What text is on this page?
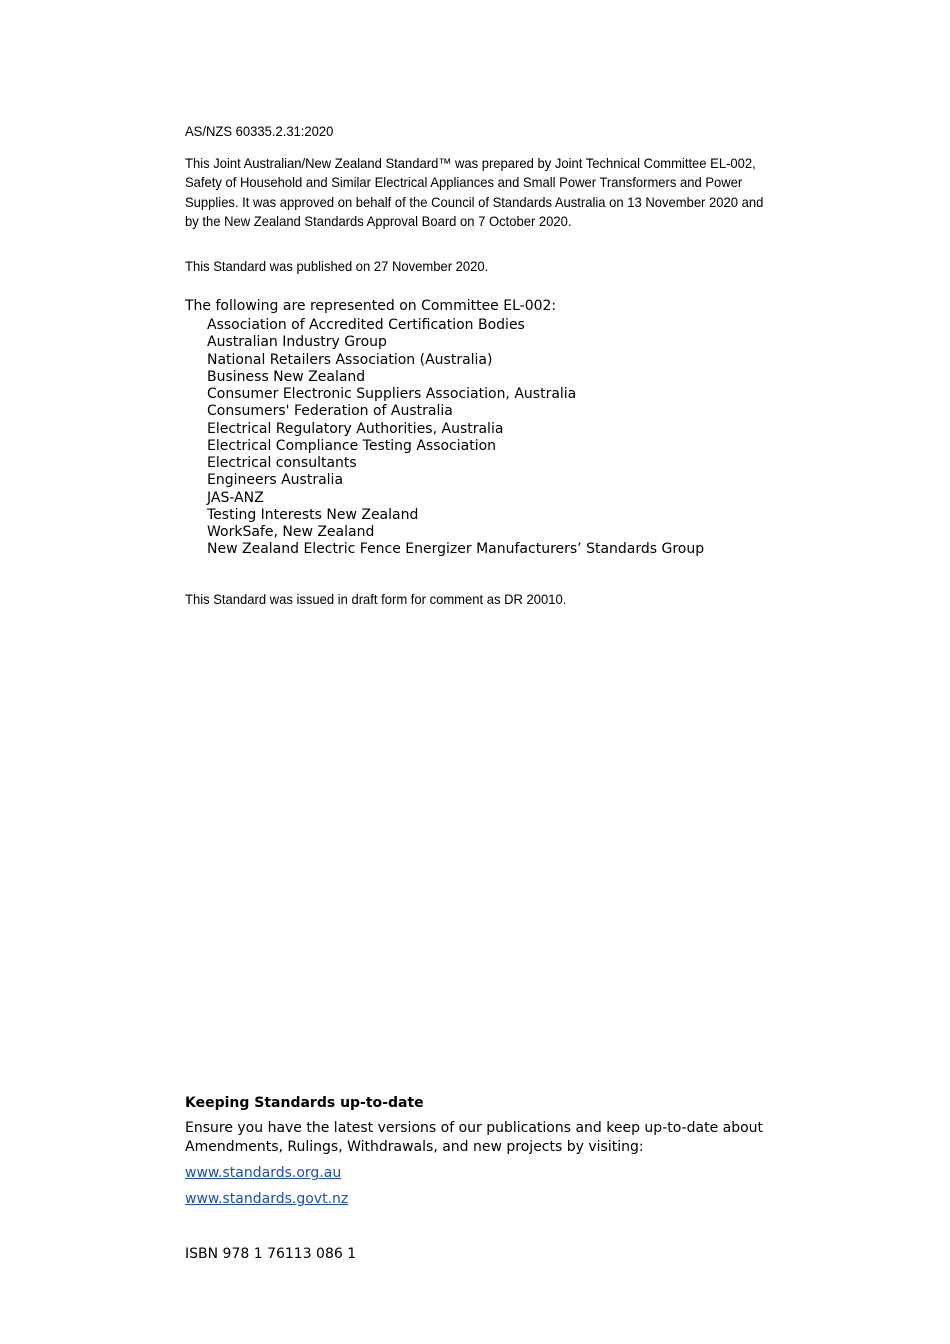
AS/NZS 60335.2.31:2020
This Joint Australian/New Zealand Standard™ was prepared by Joint Technical Committee EL-002, Safety of Household and Similar Electrical Appliances and Small Power Transformers and Power Supplies. It was approved on behalf of the Council of Standards Australia on 13 November 2020 and by the New Zealand Standards Approval Board on 7 October 2020.
This Standard was published on 27 November 2020.
The following are represented on Committee EL-002:
Association of Accredited Certification Bodies
Australian Industry Group
National Retailers Association (Australia)
Business New Zealand
Consumer Electronic Suppliers Association, Australia
Consumers' Federation of Australia
Electrical Regulatory Authorities, Australia
Electrical Compliance Testing Association
Electrical consultants
Engineers Australia
JAS-ANZ
Testing Interests New Zealand
WorkSafe, New Zealand
New Zealand Electric Fence Energizer Manufacturers’ Standards Group
This Standard was issued in draft form for comment as DR 20010.
Keeping Standards up-to-date
Ensure you have the latest versions of our publications and keep up-to-date about Amendments, Rulings, Withdrawals, and new projects by visiting:
www.standards.org.au
www.standards.govt.nz
ISBN 978 1 76113 086 1
